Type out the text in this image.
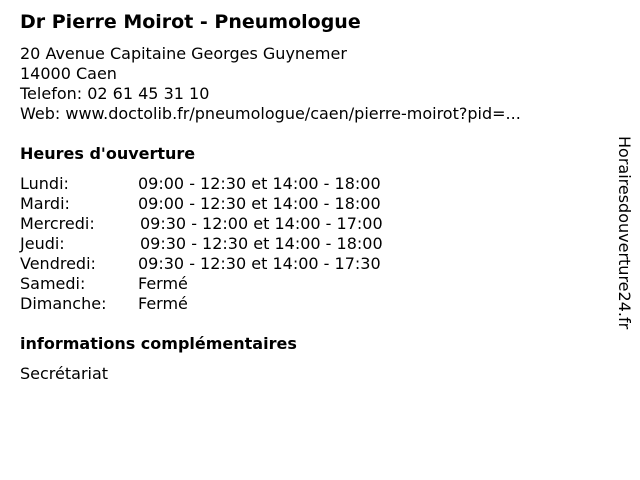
Dr Pierre Moirot - Pneumologue
20 Avenue Capitaine Georges Guynemer
14000 Caen
Telefon: 02 61 45 31 10
Web: www.doctolib.fr/pneumologue/caen/pierre-moirot?pid=...
Heures d'ouverture
Lundi:	09:00 - 12:30 et 14:00 - 18:00
Mardi:	09:00 - 12:30 et 14:00 - 18:00
Mercredi:	09:30 - 12:00 et 14:00 - 17:00
Jeudi:	09:30 - 12:30 et 14:00 - 18:00
Vendredi:	09:30 - 12:30 et 14:00 - 17:30
Samedi:	Fermé
Dimanche: Fermé
informations complémentaires
Secrétariat
Horairesdouverture24.fr
